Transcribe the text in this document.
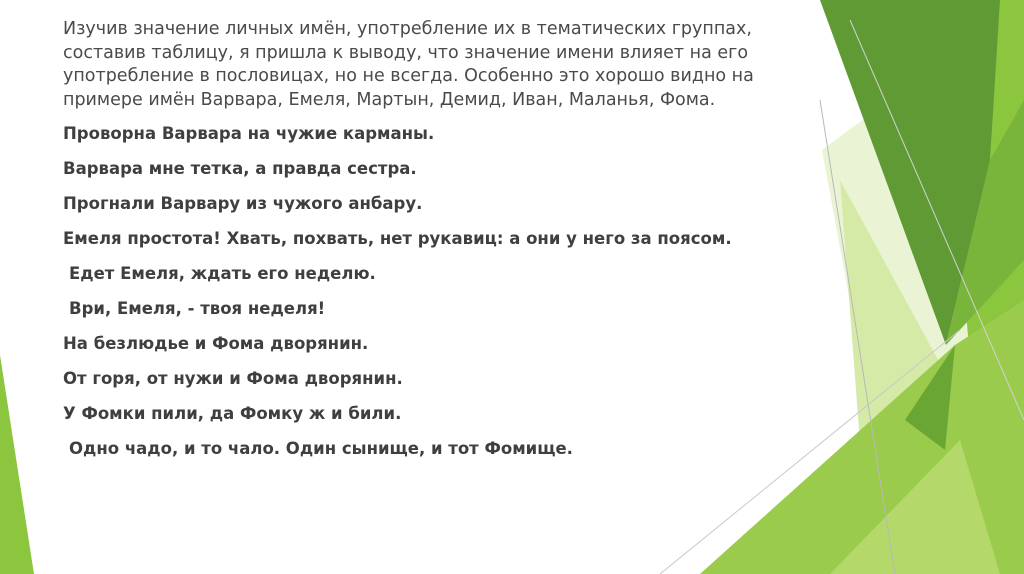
Изучив значение личных имён, употребление их в тематических группах, составив таблицу, я пришла к выводу, что значение имени влияет на его употребление в пословицах, но не всегда. Особенно это хорошо видно на примере имён Варвара, Емеля, Мартын, Демид, Иван, Маланья, Фома.

Проворна Варвара на чужие карманы.
Варвара мне тетка, а правда сестра.
Прогнали Варвару из чужого анбару.
Емеля простота! Хвать, похвать, нет рукавиц: а они у него за поясом.
Едет Емеля, ждать его неделю.
Ври, Емеля, - твоя неделя!
На безлюдье и Фома дворянин.
От горя, от нужи и Фома дворянин.
У Фомки пили, да Фомку ж и били.
Одно чадо, и то чало. Один сынище, и тот Фомище.
